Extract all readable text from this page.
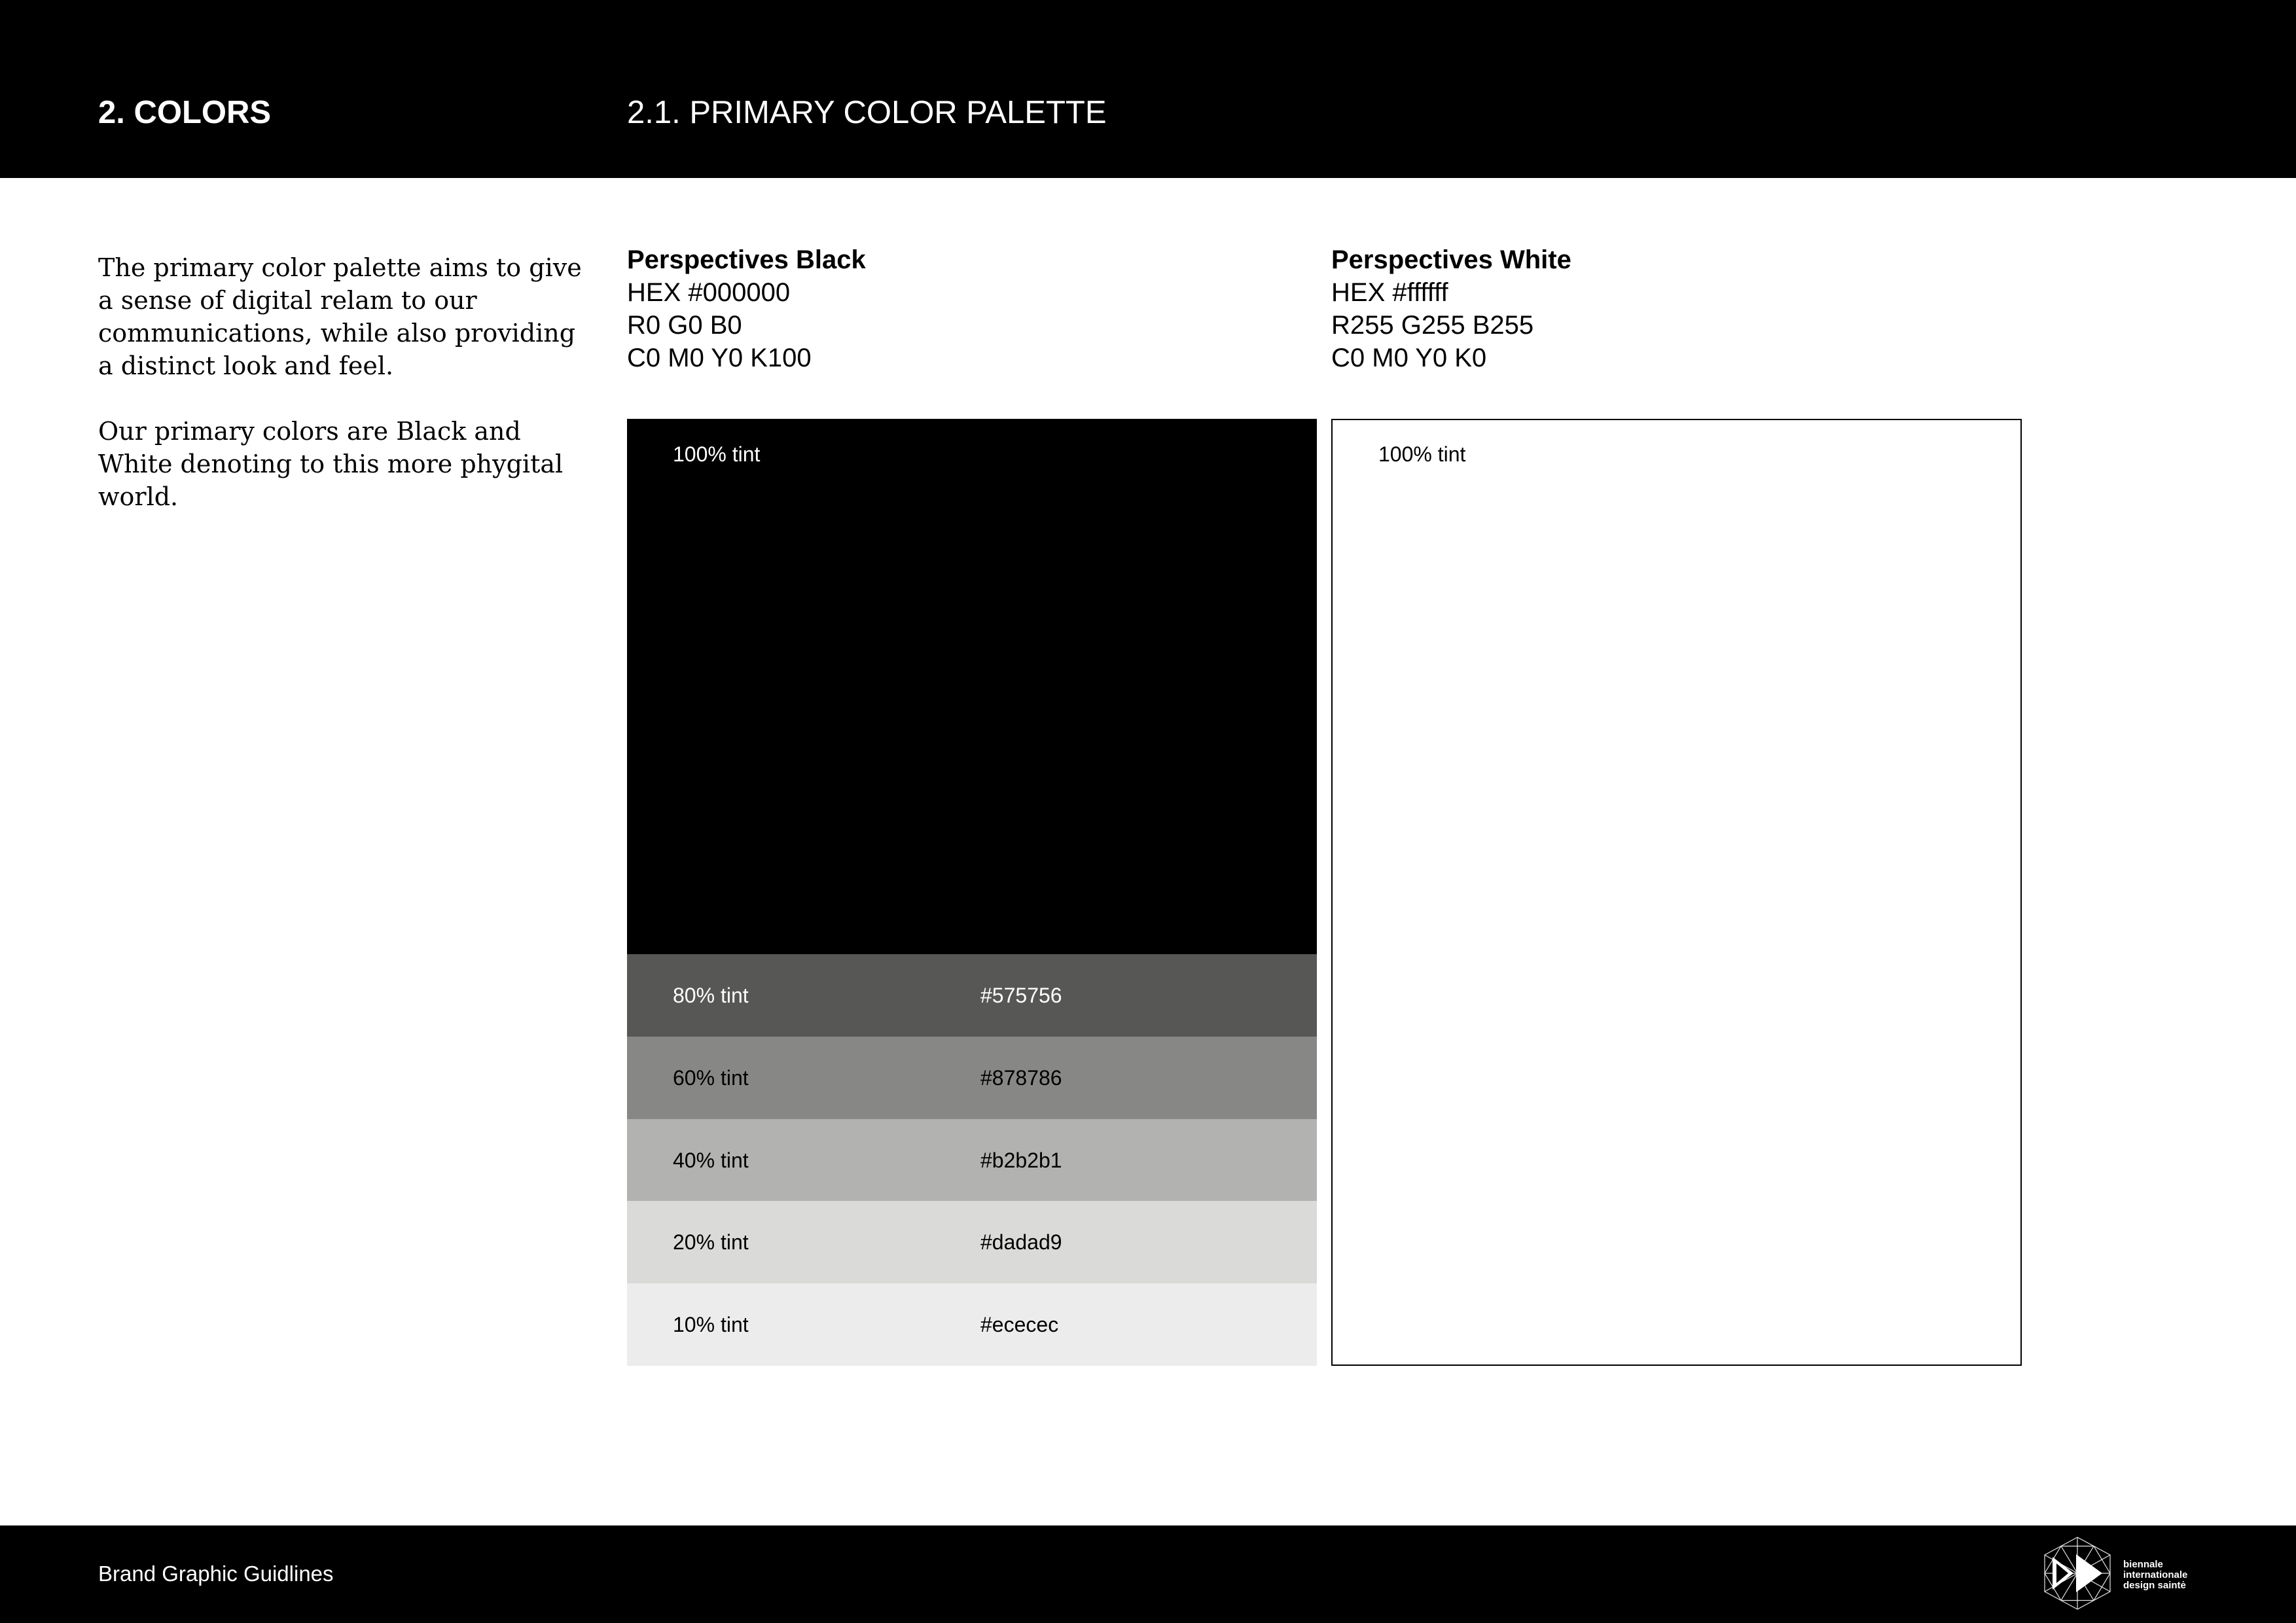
2. COLORS	2.1. PRIMARY COLOR PALETTE

The primary color palette aims to give a sense of digital relam to our communications, while also providing a distinct look and feel.

Our primary colors are Black and White denoting to this more phygital world.

Perspectives Black
HEX #000000
R0 G0 B0
C0 M0 Y0 K100
Perspectives White
HEX #ffffff
R255 G255 B255
C0 M0 Y0 K0
100% tint
80% tint	#575756
60% tint	#878786
40% tint	#b2b2b1
20% tint	#dadad9
10% tint	#ececec
100% tint
Brand Graphic Guidlines	biennale
internationale
design saintė
